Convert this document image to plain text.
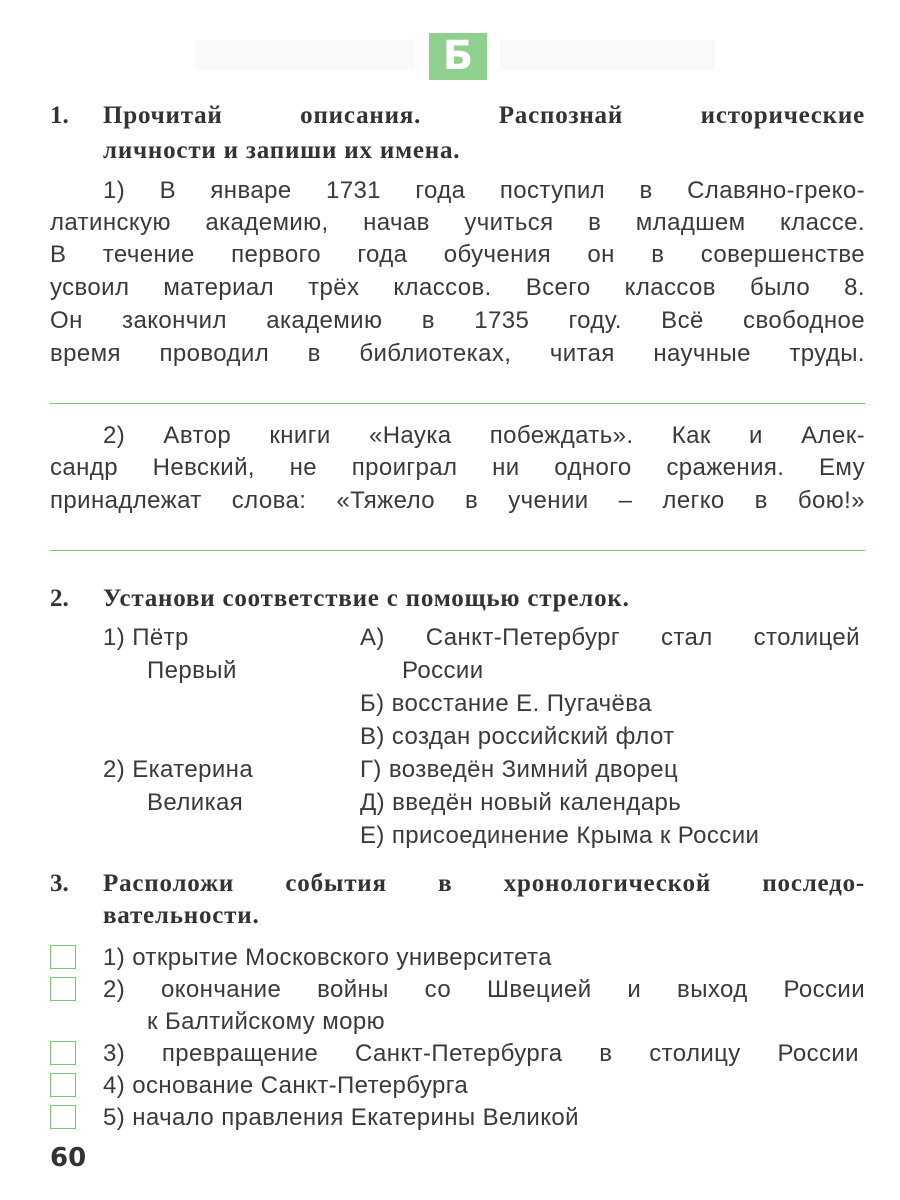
Б
1. Прочитай описания. Распознай исторические
личности и запиши их имена.
1) В январе 1731 года поступил в Славяно-греко-
латинскую академию, начав учиться в младшем классе.
В течение первого года обучения он в совершенстве
усвоил материал трёх классов. Всего классов было 8.
Он закончил академию в 1735 году. Всё свободное
время проводил в библиотеках, читая научные труды.
2) Автор книги «Наука побеждать». Как и Алек-
сандр Невский, не проиграл ни одного сражения. Ему
принадлежат слова: «Тяжело в учении – легко в бою!»
2. Установи соответствие с помощью стрелок.
1) Пётр
Первый
2) Екатерина
Великая
А) Санкт-Петербург стал столицей
России
Б) восстание Е. Пугачёва
В) создан российский флот
Г) возведён Зимний дворец
Д) введён новый календарь
Е) присоединение Крыма к России
3. Расположи события в хронологической последо-
вательности.
1) открытие Московского университета
2) окончание войны со Швецией и выход России
к Балтийскому морю
3) превращение Санкт-Петербурга в столицу России
4) основание Санкт-Петербурга
5) начало правления Екатерины Великой
60
